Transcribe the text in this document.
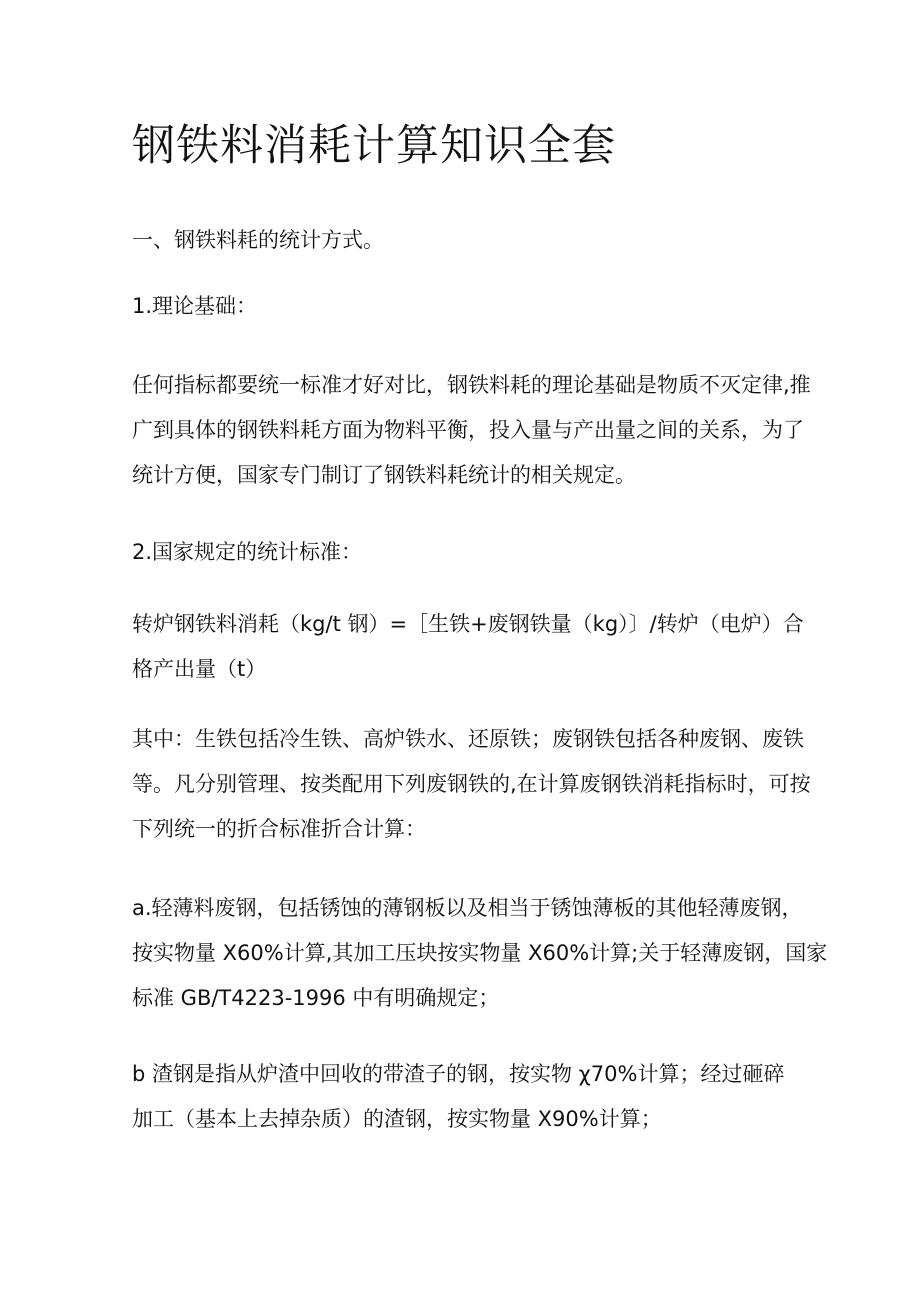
钢铁料消耗计算知识全套

一、钢铁料耗的统计方式。

1.理论基础：

任何指标都要统一标准才好对比，钢铁料耗的理论基础是物质不灭定律,推
广到具体的钢铁料耗方面为物料平衡，投入量与产出量之间的关系，为了
统计方便，国家专门制订了钢铁料耗统计的相关规定。

2.国家规定的统计标准：

转炉钢铁料消耗（kg/t 钢）=［生铁+废钢铁量（kg）〕/转炉（电炉）合
格产出量（t）
其中：生铁包括冷生铁、高炉铁水、还原铁；废钢铁包括各种废钢、废铁
等。凡分别管理、按类配用下列废钢铁的,在计算废钢铁消耗指标时，可按
下列统一的折合标准折合计算：
a.轻薄料废钢，包括锈蚀的薄钢板以及相当于锈蚀薄板的其他轻薄废钢，
按实物量 X60%计算,其加工压块按实物量 X60%计算;关于轻薄废钢，国家
标准 GB/T4223-1996 中有明确规定；
b 渣钢是指从炉渣中回收的带渣子的钢，按实物 χ70%计算；经过砸碎
加工（基本上去掉杂质）的渣钢，按实物量 X90%计算；
